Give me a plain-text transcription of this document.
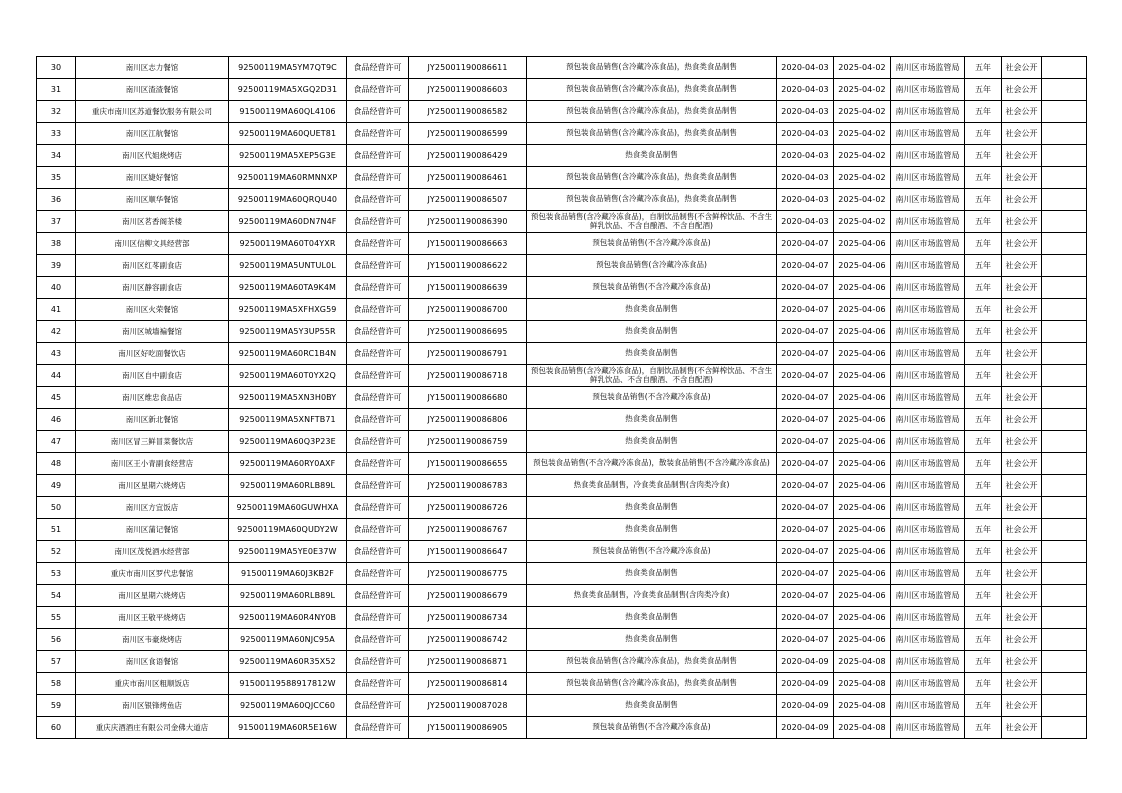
30	南川区志力餐馆	92500119MA5YM7QT9C	食品经营许可	JY25001190086611	预包装食品销售(含冷藏冷冻食品)，热食类食品制售	2020-04-03	2025-04-02	南川区市场监管局	五年	社会公开	
31	南川区渣渣餐馆	92500119MA5XGQ2D31	食品经营许可	JY25001190086603	预包装食品销售(含冷藏冷冻食品)，热食类食品制售	2020-04-03	2025-04-02	南川区市场监管局	五年	社会公开	
32	重庆市南川区苏道餐饮服务有限公司	91500119MA60QL4106	食品经营许可	JY25001190086582	预包装食品销售(含冷藏冷冻食品)，热食类食品制售	2020-04-03	2025-04-02	南川区市场监管局	五年	社会公开	
33	南川区江航餐馆	92500119MA60QUET81	食品经营许可	JY25001190086599	预包装食品销售(含冷藏冷冻食品)，热食类食品制售	2020-04-03	2025-04-02	南川区市场监管局	五年	社会公开	
34	南川区代姐烧烤店	92500119MA5XEP5G3E	食品经营许可	JY25001190086429	热食类食品制售	2020-04-03	2025-04-02	南川区市场监管局	五年	社会公开	
35	南川区婕好餐馆	92500119MA60RMNNXP	食品经营许可	JY25001190086461	预包装食品销售(含冷藏冷冻食品)，热食类食品制售	2020-04-03	2025-04-02	南川区市场监管局	五年	社会公开	
36	南川区顺华餐馆	92500119MA60QRQU40	食品经营许可	JY25001190086507	预包装食品销售(含冷藏冷冻食品)，热食类食品制售	2020-04-03	2025-04-02	南川区市场监管局	五年	社会公开	
37	南川区茗香阁茶楼	92500119MA60DN7N4F	食品经营许可	JY25001190086390	预包装食品销售(含冷藏冷冻食品)，自制饮品制售(不含鲜榨饮品、不含生鲜乳饮品、不含自酿酒、不含自配酒)	2020-04-03	2025-04-02	南川区市场监管局	五年	社会公开	
38	南川区信柳文具经营部	92500119MA60T04YXR	食品经营许可	JY15001190086663	预包装食品销售(不含冷藏冷冻食品)	2020-04-07	2025-04-06	南川区市场监管局	五年	社会公开	
39	南川区红苳副食店	92500119MA5UNTUL0L	食品经营许可	JY15001190086622	预包装食品销售(含冷藏冷冻食品)	2020-04-07	2025-04-06	南川区市场监管局	五年	社会公开	
40	南川区静容副食店	92500119MA60TA9K4M	食品经营许可	JY15001190086639	预包装食品销售(不含冷藏冷冻食品)	2020-04-07	2025-04-06	南川区市场监管局	五年	社会公开	
41	南川区火荣餐馆	92500119MA5XFHXG59	食品经营许可	JY25001190086700	热食类食品制售	2020-04-07	2025-04-06	南川区市场监管局	五年	社会公开	
42	南川区城墙褊餐馆	92500119MA5Y3UP55R	食品经营许可	JY25001190086695	热食类食品制售	2020-04-07	2025-04-06	南川区市场监管局	五年	社会公开	
43	南川区好吃面餐饮店	92500119MA60RC1B4N	食品经营许可	JY25001190086791	热食类食品制售	2020-04-07	2025-04-06	南川区市场监管局	五年	社会公开	
44	南川区自中副食店	92500119MA60T0YX2Q	食品经营许可	JY25001190086718	预包装食品销售(含冷藏冷冻食品)，自制饮品制售(不含鲜榨饮品、不含生鲜乳饮品、不含自酿酒、不含自配酒)	2020-04-07	2025-04-06	南川区市场监管局	五年	社会公开	
45	南川区维忠食品店	92500119MA5XN3H0BY	食品经营许可	JY15001190086680	预包装食品销售(不含冷藏冷冻食品)	2020-04-07	2025-04-06	南川区市场监管局	五年	社会公开	
46	南川区新北餐馆	92500119MA5XNFTB71	食品经营许可	JY25001190086806	热食类食品制售	2020-04-07	2025-04-06	南川区市场监管局	五年	社会公开	
47	南川区冒三鲜冒菜餐饮店	92500119MA60Q3P23E	食品经营许可	JY25001190086759	热食类食品制售	2020-04-07	2025-04-06	南川区市场监管局	五年	社会公开	
48	南川区王小青副食经营店	92500119MA60RY0AXF	食品经营许可	JY15001190086655	预包装食品销售(不含冷藏冷冻食品)，散装食品销售(不含冷藏冷冻食品)	2020-04-07	2025-04-06	南川区市场监管局	五年	社会公开	
49	南川区星期六烧烤店	92500119MA60RLB89L	食品经营许可	JY25001190086783	热食类食品制售，冷食类食品制售(含肉类冷食)	2020-04-07	2025-04-06	南川区市场监管局	五年	社会公开	
50	南川区方宜饭店	92500119MA60GUWHXA	食品经营许可	JY25001190086726	热食类食品制售	2020-04-07	2025-04-06	南川区市场监管局	五年	社会公开	
51	南川区蒲记餐馆	92500119MA60QUDY2W	食品经营许可	JY25001190086767	热食类食品制售	2020-04-07	2025-04-06	南川区市场监管局	五年	社会公开	
52	南川区茂悦酒水经营部	92500119MA5YE0E37W	食品经营许可	JY15001190086647	预包装食品销售(不含冷藏冷冻食品)	2020-04-07	2025-04-06	南川区市场监管局	五年	社会公开	
53	重庆市南川区罗代忠餐馆	91500119MA60J3KB2F	食品经营许可	JY25001190086775	热食类食品制售	2020-04-07	2025-04-06	南川区市场监管局	五年	社会公开	
54	南川区星期六烧烤店	92500119MA60RLB89L	食品经营许可	JY25001190086679	热食类食品制售，冷食类食品制售(含肉类冷食)	2020-04-07	2025-04-06	南川区市场监管局	五年	社会公开	
55	南川区王敬平烧烤店	92500119MA60R4NY0B	食品经营许可	JY25001190086734	热食类食品制售	2020-04-07	2025-04-06	南川区市场监管局	五年	社会公开	
56	南川区韦豪烧烤店	92500119MA60NJC95A	食品经营许可	JY25001190086742	热食类食品制售	2020-04-07	2025-04-06	南川区市场监管局	五年	社会公开	
57	南川区食语餐馆	92500119MA60R35X52	食品经营许可	JY25001190086871	预包装食品销售(含冷藏冷冻食品)，热食类食品制售	2020-04-09	2025-04-08	南川区市场监管局	五年	社会公开	
58	重庆市南川区粗顺饭店	91500119588917812W	食品经营许可	JY25001190086814	预包装食品销售(含冷藏冷冻食品)，热食类食品制售	2020-04-09	2025-04-08	南川区市场监管局	五年	社会公开	
59	南川区银锋烤鱼店	92500119MA60QJCC60	食品经营许可	JY25001190087028	热食类食品制售	2020-04-09	2025-04-08	南川区市场监管局	五年	社会公开	
60	重庆庆酒酒庄有限公司金佛大道店	91500119MA60R5E16W	食品经营许可	JY15001190086905	预包装食品销售(不含冷藏冷冻食品)	2020-04-09	2025-04-08	南川区市场监管局	五年	社会公开	
